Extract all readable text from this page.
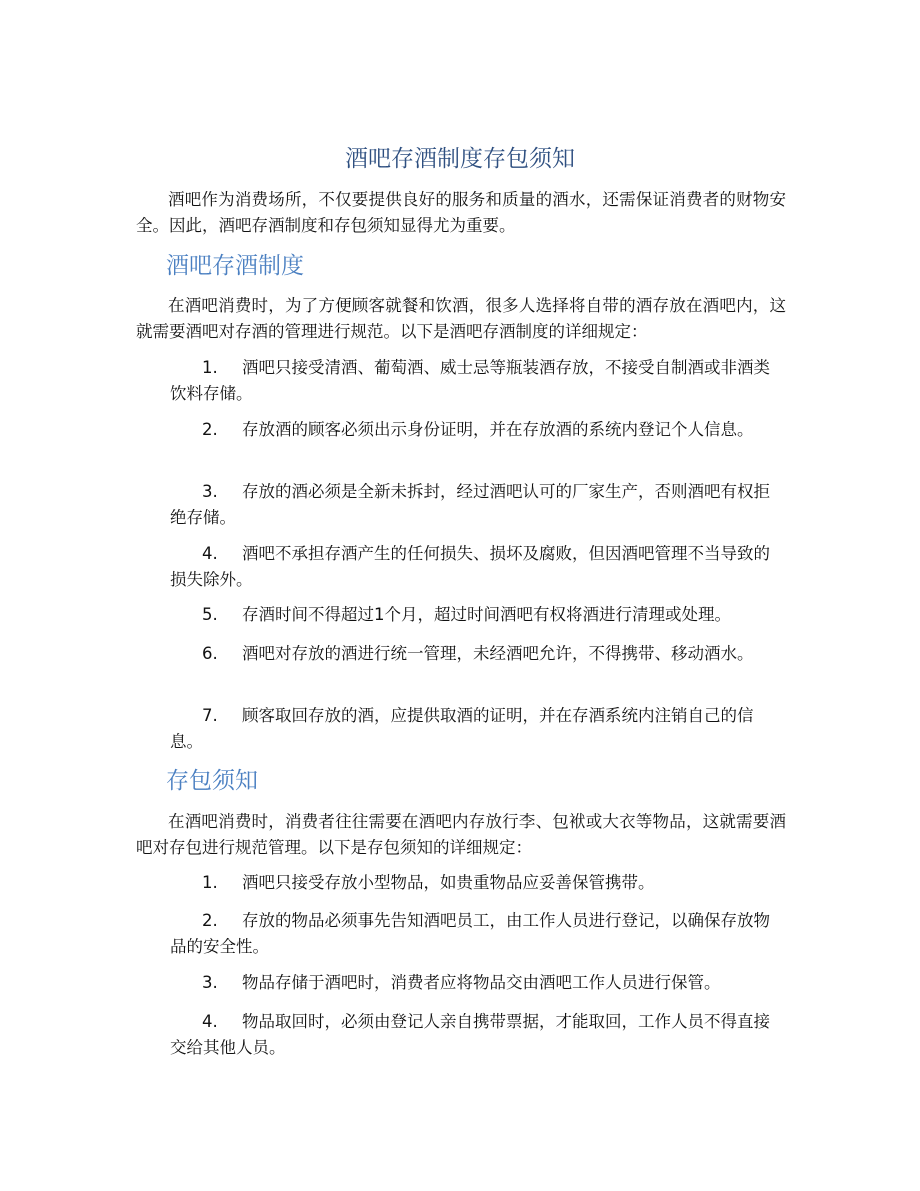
酒吧存酒制度存包须知

酒吧作为消费场所，不仅要提供良好的服务和质量的酒水，还需保证消费者的财物安全。因此，酒吧存酒制度和存包须知显得尤为重要。

酒吧存酒制度

在酒吧消费时，为了方便顾客就餐和饮酒，很多人选择将自带的酒存放在酒吧内，这就需要酒吧对存酒的管理进行规范。以下是酒吧存酒制度的详细规定：

1. 酒吧只接受清酒、葡萄酒、威士忌等瓶装酒存放，不接受自制酒或非酒类饮料存储。
2. 存放酒的顾客必须出示身份证明，并在存放酒的系统内登记个人信息。
3. 存放的酒必须是全新未拆封，经过酒吧认可的厂家生产，否则酒吧有权拒绝存储。
4. 酒吧不承担存酒产生的任何损失、损坏及腐败，但因酒吧管理不当导致的损失除外。
5. 存酒时间不得超过1个月，超过时间酒吧有权将酒进行清理或处理。
6. 酒吧对存放的酒进行统一管理，未经酒吧允许，不得携带、移动酒水。
7. 顾客取回存放的酒，应提供取酒的证明，并在存酒系统内注销自己的信息。
存包须知

在酒吧消费时，消费者往往需要在酒吧内存放行李、包袱或大衣等物品，这就需要酒吧对存包进行规范管理。以下是存包须知的详细规定：

1. 酒吧只接受存放小型物品，如贵重物品应妥善保管携带。
2. 存放的物品必须事先告知酒吧员工，由工作人员进行登记，以确保存放物品的安全性。
3. 物品存储于酒吧时，消费者应将物品交由酒吧工作人员进行保管。
4. 物品取回时，必须由登记人亲自携带票据，才能取回，工作人员不得直接交给其他人员。
